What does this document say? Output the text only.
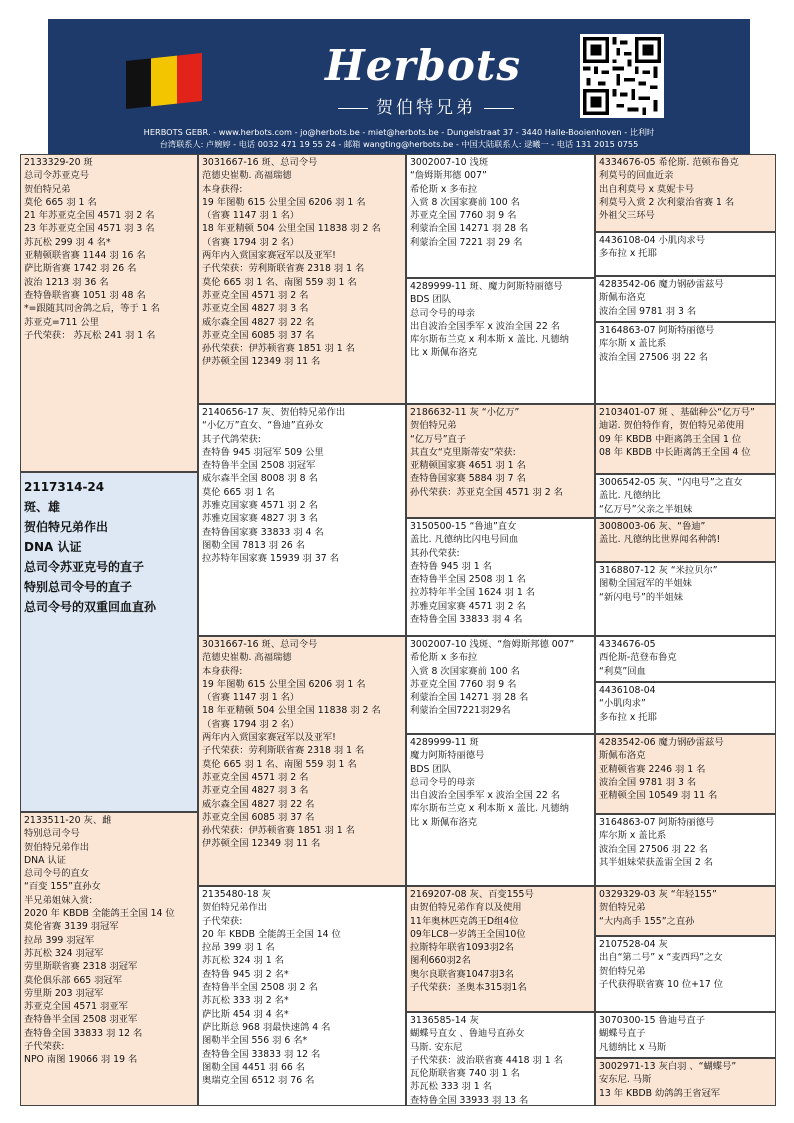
Herbots
贺伯特兄弟
HERBOTS GEBR. - www.herbots.com - jo@herbots.be - miet@herbots.be - Dungelstraat 37 - 3440 Halle-Booienhoven - 比利时
台湾联系人: 卢婉婷 - 电话 0032 471 19 55 24 - 邮箱 wangting@herbots.be - 中国大陆联系人: 逯曦一 - 电话 131 2015 0755
2133329-20 斑
总司令苏亚克号
贺伯特兄弟
莫伦 665 羽 1 名
21 年苏亚克全国 4571 羽 2 名
23 年苏亚克全国 4571 羽 3 名
苏瓦松 299 羽 4 名*
亚精顿联省赛 1144 羽 16 名
萨比斯省赛 1742 羽 26 名
波治 1213 羽 36 名
查特鲁联省赛 1051 羽 48 名
*=跟随其同舍鸽之后，等于 1 名
苏亚克=711 公里
子代荣获： 苏瓦松 241 羽 1 名
3031667-16 斑、总司令号
范德史崔勒. 高福瑞德
本身获得:
19 年图勒 615 公里全国 6206 羽 1 名
（省赛 1147 羽 1 名）
18 年亚精顿 504 公里全国 11838 羽 2 名
（省赛 1794 羽 2 名）
两年内入赏国家赛冠军以及亚军!
子代荣获：劳利斯联省赛 2318 羽 1 名
莫伦 665 羽 1 名、南图 559 羽 1 名
苏亚克全国 4571 羽 2 名
苏亚克全国 4827 羽 3 名
威尔森全国 4827 羽 22 名
苏亚克全国 6085 羽 37 名
孙代荣获：伊苏顿省赛 1851 羽 1 名
伊苏顿全国 12349 羽 11 名
3002007-10 浅斑
“詹姆斯邦德 007”
希伦斯 x 多布拉
入赏 8 次国家赛前 100 名
苏亚克全国 7760 羽 9 名
利蒙治全国 14271 羽 28 名
利蒙治全国 7221 羽 29 名
4334676-05 希伦斯. 范顿布鲁克
利莫号的回血近亲
出自利莫号 x 莫妮卡号
利莫号入赏 2 次利蒙治省赛 1 名
外祖父三环号
4436108-04 小肌肉求号
多布拉 x 托耶
4289999-11 斑、魔力阿斯特丽德号
BDS 团队
总司令号的母亲
出自波治全国季军 x 波治全国 22 名
库尔斯布兰克 x 利本斯 x 盖比. 凡德纳
比 x 斯佩布洛克
4283542-06 魔力钢砂雷兹号
斯佩布洛克
波治全国 9781 羽 3 名
3164863-07 阿斯特丽德号
库尔斯 x 盖比系
波治全国 27506 羽 22 名
2117314-24
斑、雄
贺伯特兄弟作出
DNA 认证
总司令苏亚克号的直子
特别总司令号的直子
总司令号的双重回血直孙
2140656-17 灰、贺伯特兄弟作出
“小亿万”直女、“鲁迪”直孙女
其子代鸽荣获:
查特鲁 945 羽冠军 509 公里
查特鲁半全国 2508 羽冠军
威尔森半全国 8008 羽 8 名
莫伦 665 羽 1 名
苏雅克国家赛 4571 羽 2 名
苏雅克国家赛 4827 羽 3 名
查特鲁国家赛 33833 羽 4 名
图勒全国 7813 羽 26 名
拉苏特年国家赛 15939 羽 37 名
2186632-11 灰 “小亿万”
贺伯特兄弟
“亿万号”直子
其直女“克里斯蒂安”荣获:
亚精顿国家赛 4651 羽 1 名
查特鲁国家赛 5884 羽 7 名
孙代荣获：苏亚克全国 4571 羽 2 名
2103401-07 斑 、基础种公“亿万号”
迪诺. 贺伯特作育，贺伯特兄弟使用
09 年 KBDB 中距离鸽王全国 1 位
08 年 KBDB 中长距离鸽王全国 4 位
3006542-05 灰、“闪电号”之直女
盖比. 凡德纳比
“亿万号”父亲之半姐妹
3150500-15 “鲁迪”直女
盖比. 凡德纳比闪电号回血
其孙代荣获:
查特鲁 945 羽 1 名
查特鲁半全国 2508 羽 1 名
拉苏特年半全国 1624 羽 1 名
苏雅克国家赛 4571 羽 2 名
查特鲁全国 33833 羽 4 名
3008003-06 灰、“鲁迪”
盖比. 凡德纳比世界闻名种鸽!
3168807-12 灰 “米拉贝尔”
图勒全国冠军的半姐妹
“新闪电号”的半姐妹
3031667-16 斑、总司令号
范德史崔勒. 高福瑞德
本身获得:
19 年图勒 615 公里全国 6206 羽 1 名
（省赛 1147 羽 1 名）
18 年亚精顿 504 公里全国 11838 羽 2 名
（省赛 1794 羽 2 名）
两年内入赏国家赛冠军以及亚军!
子代荣获：劳利斯联省赛 2318 羽 1 名
莫伦 665 羽 1 名、南图 559 羽 1 名
苏亚克全国 4571 羽 2 名
苏亚克全国 4827 羽 3 名
威尔森全国 4827 羽 22 名
苏亚克全国 6085 羽 37 名
孙代荣获：伊苏顿省赛 1851 羽 1 名
伊苏顿全国 12349 羽 11 名
3002007-10 浅斑、“詹姆斯邦德 007”
希伦斯 x 多布拉
入赏 8 次国家赛前 100 名
苏亚克全国 7760 羽 9 名
利蒙治全国 14271 羽 28 名
利蒙治全国7221羽29名
4334676-05
西伦斯-范登布鲁克
“利莫”回血
4436108-04
“小肌肉求”
多布拉 x 托耶
4289999-11 斑
魔力阿斯特丽德号
BDS 团队
总司令号的母亲
出自波治全国季军 x 波治全国 22 名
库尔斯布兰克 x 利本斯 x 盖比. 凡德纳
比 x 斯佩布洛克
4283542-06 魔力钢砂雷兹号
斯佩布洛克
亚精顿省赛 2246 羽 1 名
波治全国 9781 羽 3 名
亚精顿全国 10549 羽 11 名
3164863-07 阿斯特丽德号
库尔斯 x 盖比系
波治全国 27506 羽 22 名
其半姐妹荣获盖雷全国 2 名
2133511-20 灰、雌
特别总司令号
贺伯特兄弟作出
DNA 认证
总司令号的直女
“百变 155”直孙女
半兄弟姐妹入赏:
2020 年 KBDB 全能鸽王全国 14 位
莫伦省赛 3139 羽冠军
拉昂 399 羽冠军
苏瓦松 324 羽冠军
劳里斯联省赛 2318 羽冠军
莫伦俱乐部 665 羽冠军
劳里斯 203 羽冠军
苏亚克全国 4571 羽亚军
查特鲁半全国 2508 羽亚军
查特鲁全国 33833 羽 12 名
子代荣获:
NPO 南图 19066 羽 19 名
2135480-18 灰
贺伯特兄弟作出
子代荣获:
20 年 KBDB 全能鸽王全国 14 位
拉昂 399 羽 1 名
苏瓦松 324 羽 1 名
查特鲁 945 羽 2 名*
查特鲁半全国 2508 羽 2 名
苏瓦松 333 羽 2 名*
萨比斯 454 羽 4 名*
萨比斯总 968 羽最快速鸽 4 名
图勒半全国 556 羽 6 名*
查特鲁全国 33833 羽 12 名
图勒全国 4451 羽 66 名
奥瑞克全国 6512 羽 76 名
2169207-08 灰、百变155号
由贺伯特兄弟作育以及使用
11年奥林匹克鸽王D组4位
09年LC8一岁鸽王全国10位
拉斯特年联省1093羽2名
图利660羽2名
奥尔良联省赛1047羽3名
子代荣获：圣奥本315羽1名
0329329-03 灰 “年轻155”
贺伯特兄弟
“大内高手 155”之直孙
2107528-04 灰
出自“第二号” x “麦西玛”之女
贺伯特兄弟
子代获得联省赛 10 位+17 位
3136585-14 灰
蝴蝶号直女 、鲁迪号直孙女
马斯. 安东尼
子代荣获：波治联省赛 4418 羽 1 名
瓦伦斯联省赛 740 羽 1 名
苏瓦松 333 羽 1 名
查特鲁全国 33933 羽 13 名
3070300-15 鲁迪号直子
蝴蝶号直子
凡德纳比 x 马斯
3002971-13 灰白羽 、“蝴蝶号”
安东尼. 马斯
13 年 KBDB 幼鸽鸽王省冠军
